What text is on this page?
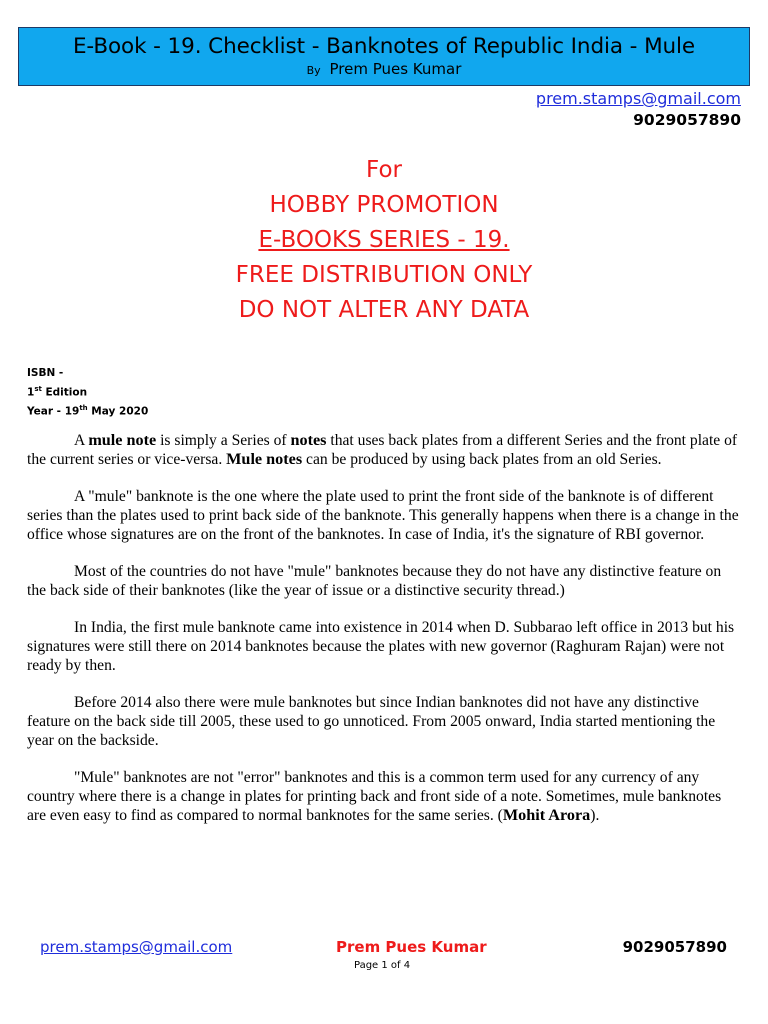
E-Book - 19. Checklist - Banknotes of Republic India - Mule
By Prem Pues Kumar
prem.stamps@gmail.com
9029057890
For
HOBBY PROMOTION
E-BOOKS SERIES - 19.
FREE DISTRIBUTION ONLY
DO NOT ALTER ANY DATA
ISBN -
1st Edition
Year - 19th May 2020

A mule note is simply a Series of notes that uses back plates from a different Series and the front plate of the current series or vice-versa. Mule notes can be produced by using back plates from an old Series.

A "mule" banknote is the one where the plate used to print the front side of the banknote is of different series than the plates used to print back side of the banknote. This generally happens when there is a change in the office whose signatures are on the front of the banknotes. In case of India, it's the signature of RBI governor.

Most of the countries do not have "mule" banknotes because they do not have any distinctive feature on the back side of their banknotes (like the year of issue or a distinctive security thread.)

In India, the first mule banknote came into existence in 2014 when D. Subbarao left office in 2013 but his signatures were still there on 2014 banknotes because the plates with new governor (Raghuram Rajan) were not ready by then.

Before 2014 also there were mule banknotes but since Indian banknotes did not have any distinctive feature on the back side till 2005, these used to go unnoticed. From 2005 onward, India started mentioning the year on the backside.

"Mule" banknotes are not "error" banknotes and this is a common term used for any currency of any country where there is a change in plates for printing back and front side of a note. Sometimes, mule banknotes are even easy to find as compared to normal banknotes for the same series. (Mohit Arora).

prem.stamps@gmail.com	Prem Pues Kumar	9029057890
Page 1 of 4
